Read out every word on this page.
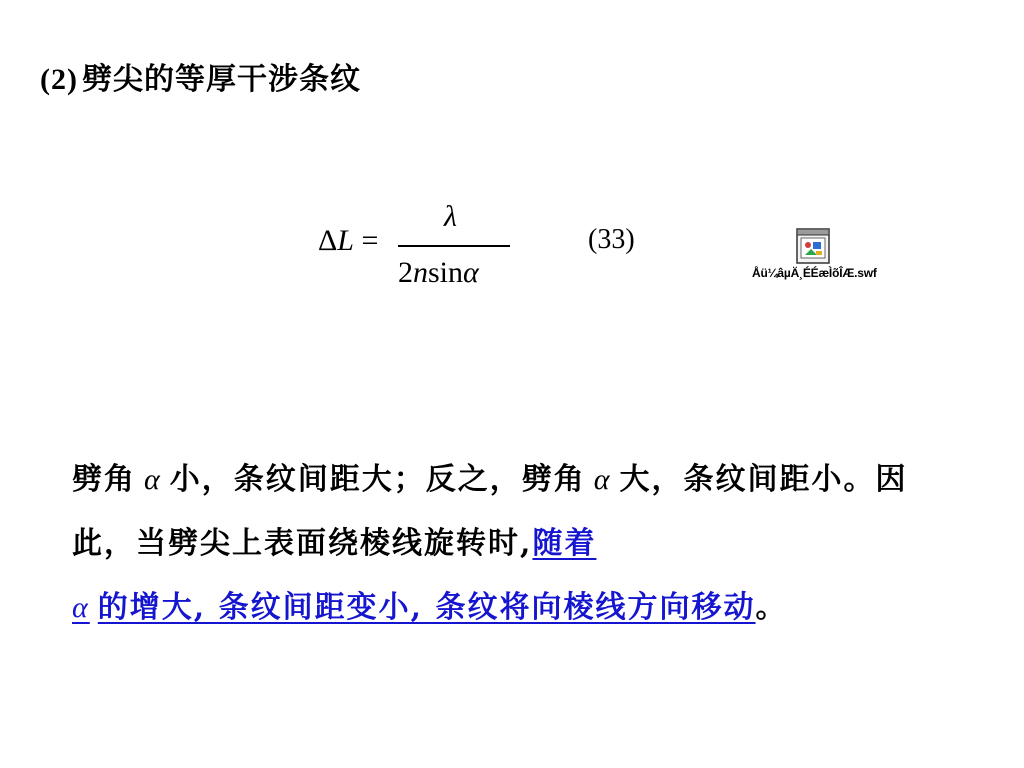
(2) 劈尖的等厚干涉条纹
ΔL =
λ
2nsinα
(33)
Åü¼âµÄ¸ÉÉæÌõÎÆ.swf
劈角 α 小，条纹间距大；反之，劈角 α 大，条纹间距小。因此，当劈尖上表面绕棱线旋转时,随着
α 的增大, 条纹间距变小, 条纹将向棱线方向移动。
